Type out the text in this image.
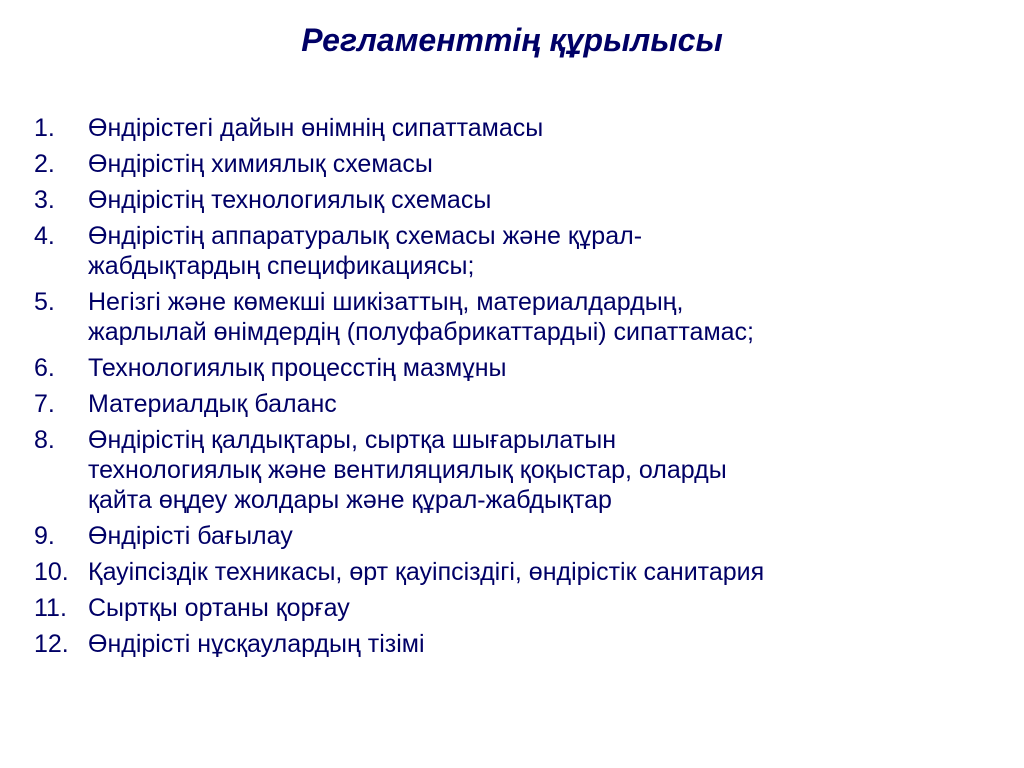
Регламенттің құрылысы
1.	Өндірістегі дайын өнімнің сипаттамасы
2.	Өндірістің химиялық схемасы
3.	Өндірістің технологиялық схемасы
4.	Өндірістің аппаратуралық схемасы және құрал-
жабдықтардың спецификациясы;
5.	Негізгі және көмекші шикізаттың, материалдардың,
жарлылай өнімдердің (полуфабрикаттардыі) сипаттамас;
6.	Технологиялық процесстің мазмұны
7.	Материалдық баланс
8.	Өндірістің қалдықтары, сыртқа шығарылатын
технологиялық және вентиляциялық қоқыстар, оларды
қайта өңдеу жолдары және құрал-жабдықтар
9.	Өндірісті бағылау
10. Қауіпсіздік техникасы, өрт қауіпсіздігі, өндірістік санитария
11. Сыртқы ортаны қорғау
12. Өндірісті нұсқаулардың тізімі
